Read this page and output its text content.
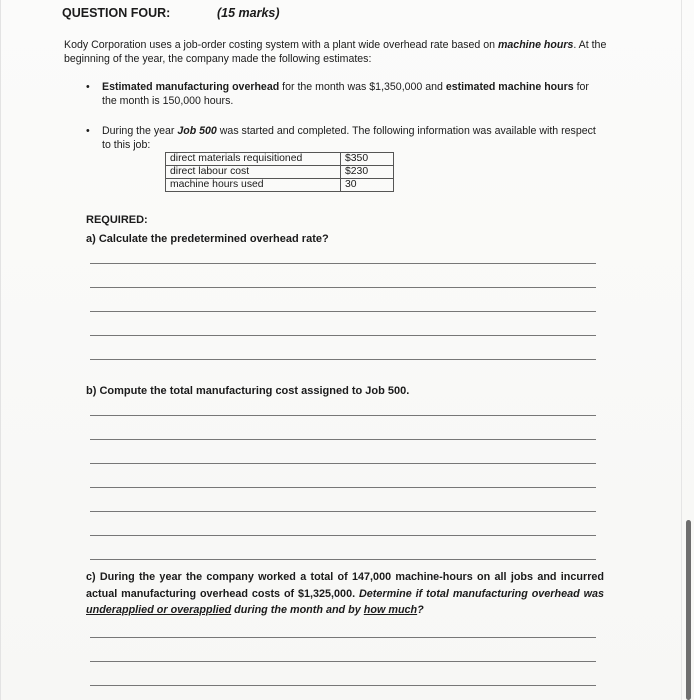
QUESTION FOUR:	(15 marks)
Kody Corporation uses a job-order costing system with a plant wide overhead rate based on machine hours. At the beginning of the year, the company made the following estimates:
• Estimated manufacturing overhead for the month was $1,350,000 and estimated machine hours for the month is 150,000 hours.
• During the year Job 500 was started and completed. The following information was available with respect to this job:
direct materials requisitioned	$350
direct labour cost	$230
machine hours used	30
REQUIRED:
a) Calculate the predetermined overhead rate?
b) Compute the total manufacturing cost assigned to Job 500.
c) During the year the company worked a total of 147,000 machine-hours on all jobs and incurred actual manufacturing overhead costs of $1,325,000. Determine if total manufacturing overhead was underapplied or overapplied during the month and by how much?
